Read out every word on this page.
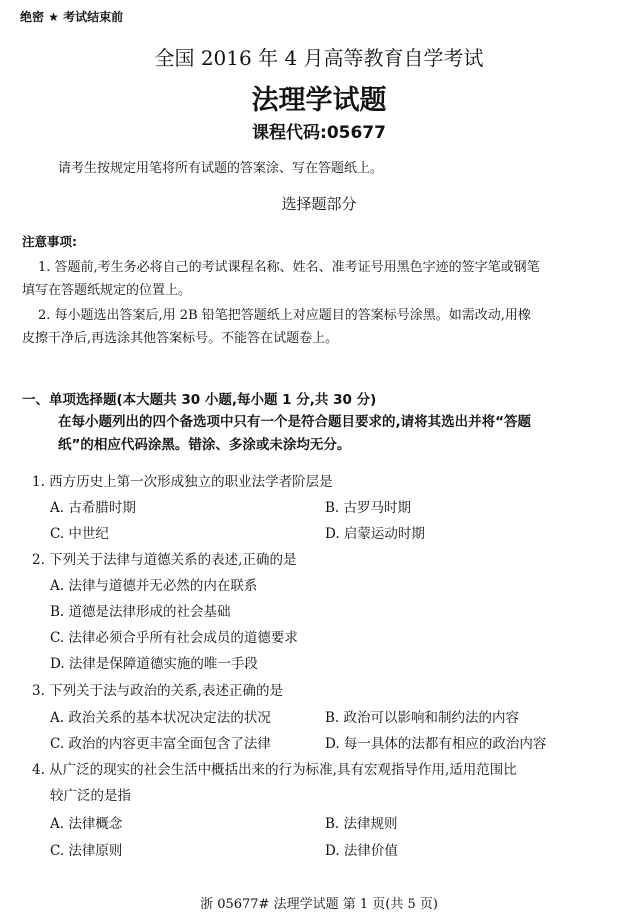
绝密 ★ 考试结束前
全国 2016 年 4 月高等教育自学考试
法理学试题
课程代码:05677
请考生按规定用笔将所有试题的答案涂、写在答题纸上。
选择题部分
注意事项:
1. 答题前,考生务必将自己的考试课程名称、姓名、准考证号用黑色字迹的签字笔或钢笔
填写在答题纸规定的位置上。
2. 每小题选出答案后,用 2B 铅笔把答题纸上对应题目的答案标号涂黑。如需改动,用橡
皮擦干净后,再选涂其他答案标号。不能答在试题卷上。
一、单项选择题(本大题共 30 小题,每小题 1 分,共 30 分)
在每小题列出的四个备选项中只有一个是符合题目要求的,请将其选出并将“答题
纸”的相应代码涂黑。错涂、多涂或未涂均无分。
1. 西方历史上第一次形成独立的职业法学者阶层是
A. 古希腊时期	B. 古罗马时期
C. 中世纪	D. 启蒙运动时期
2. 下列关于法律与道德关系的表述,正确的是
A. 法律与道德并无必然的内在联系
B. 道德是法律形成的社会基础
C. 法律必须合乎所有社会成员的道德要求
D. 法律是保障道德实施的唯一手段
3. 下列关于法与政治的关系,表述正确的是
A. 政治关系的基本状况决定法的状况	B. 政治可以影响和制约法的内容
C. 政治的内容更丰富全面包含了法律	D. 每一具体的法都有相应的政治内容
4. 从广泛的现实的社会生活中概括出来的行为标准,具有宏观指导作用,适用范围比
较广泛的是指
A. 法律概念	B. 法律规则
C. 法律原则	D. 法律价值
浙 05677# 法理学试题 第 1 页(共 5 页)
